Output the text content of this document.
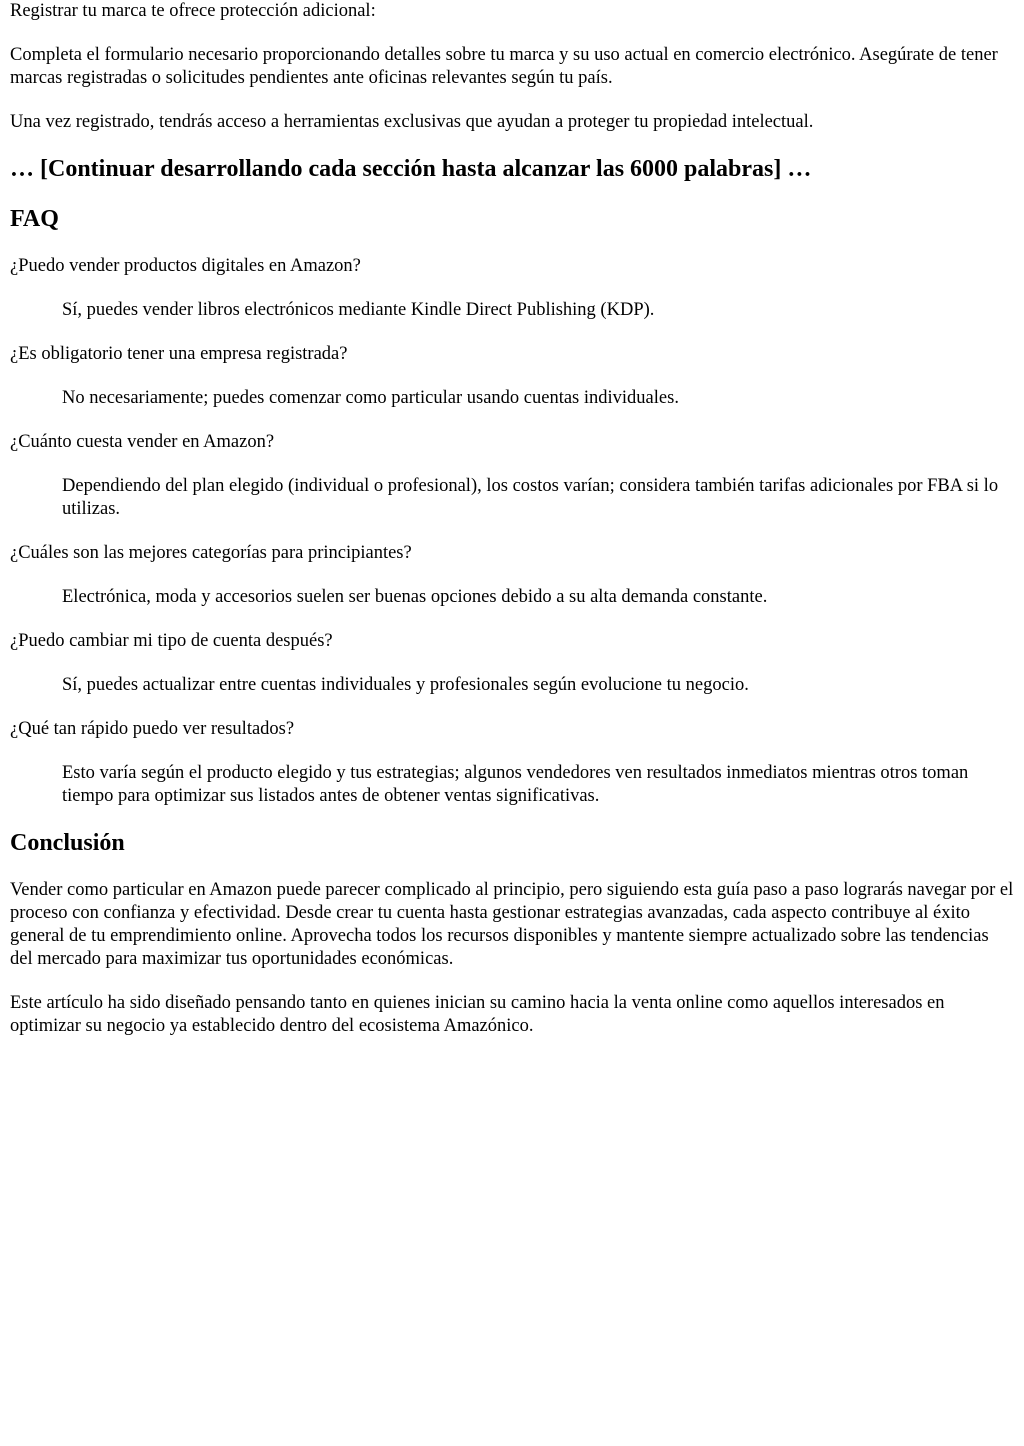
Registrar tu marca te ofrece protección adicional:

Completa el formulario necesario proporcionando detalles sobre tu marca y su uso actual en comercio electrónico. Asegúrate de tener marcas registradas o solicitudes pendientes ante oficinas relevantes según tu país.

Una vez registrado, tendrás acceso a herramientas exclusivas que ayudan a proteger tu propiedad intelectual.

… [Continuar desarrollando cada sección hasta alcanzar las 6000 palabras] …
FAQ
¿Puedo vender productos digitales en Amazon?
Sí, puedes vender libros electrónicos mediante Kindle Direct Publishing (KDP).
¿Es obligatorio tener una empresa registrada?
No necesariamente; puedes comenzar como particular usando cuentas individuales.
¿Cuánto cuesta vender en Amazon?
Dependiendo del plan elegido (individual o profesional), los costos varían; considera también tarifas adicionales por FBA si lo utilizas.
¿Cuáles son las mejores categorías para principiantes?
Electrónica, moda y accesorios suelen ser buenas opciones debido a su alta demanda constante.
¿Puedo cambiar mi tipo de cuenta después?
Sí, puedes actualizar entre cuentas individuales y profesionales según evolucione tu negocio.
¿Qué tan rápido puedo ver resultados?
Esto varía según el producto elegido y tus estrategias; algunos vendedores ven resultados inmediatos mientras otros toman tiempo para optimizar sus listados antes de obtener ventas significativas.
Conclusión

Vender como particular en Amazon puede parecer complicado al principio, pero siguiendo esta guía paso a paso lograrás navegar por el proceso con confianza y efectividad. Desde crear tu cuenta hasta gestionar estrategias avanzadas, cada aspecto contribuye al éxito general de tu emprendimiento online. Aprovecha todos los recursos disponibles y mantente siempre actualizado sobre las tendencias del mercado para maximizar tus oportunidades económicas.

Este artículo ha sido diseñado pensando tanto en quienes inician su camino hacia la venta online como aquellos interesados en optimizar su negocio ya establecido dentro del ecosistema Amazónico.
